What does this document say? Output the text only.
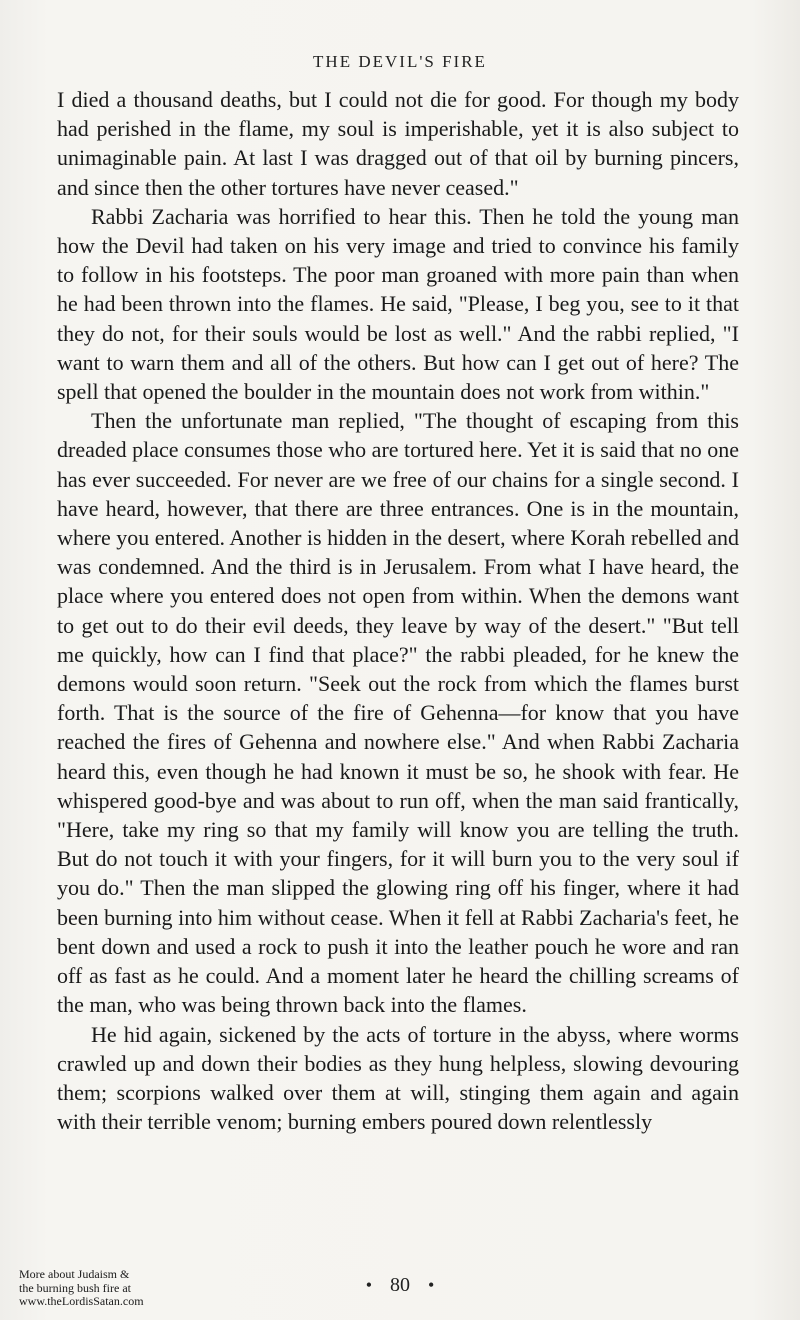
THE DEVIL'S FIRE

I died a thousand deaths, but I could not die for good. For though my body had perished in the flame, my soul is imperishable, yet it is also subject to unimaginable pain. At last I was dragged out of that oil by burning pincers, and since then the other tortures have never ceased."

Rabbi Zacharia was horrified to hear this. Then he told the young man how the Devil had taken on his very image and tried to convince his family to follow in his footsteps. The poor man groaned with more pain than when he had been thrown into the flames. He said, "Please, I beg you, see to it that they do not, for their souls would be lost as well." And the rabbi replied, "I want to warn them and all of the others. But how can I get out of here? The spell that opened the boulder in the mountain does not work from within."

Then the unfortunate man replied, "The thought of escaping from this dreaded place consumes those who are tortured here. Yet it is said that no one has ever succeeded. For never are we free of our chains for a single second. I have heard, however, that there are three entrances. One is in the mountain, where you entered. Another is hidden in the desert, where Korah rebelled and was condemned. And the third is in Jerusalem. From what I have heard, the place where you entered does not open from within. When the demons want to get out to do their evil deeds, they leave by way of the desert." "But tell me quickly, how can I find that place?" the rabbi pleaded, for he knew the demons would soon return. "Seek out the rock from which the flames burst forth. That is the source of the fire of Gehenna—for know that you have reached the fires of Gehenna and nowhere else." And when Rabbi Zacharia heard this, even though he had known it must be so, he shook with fear. He whispered good-bye and was about to run off, when the man said frantically, "Here, take my ring so that my family will know you are telling the truth. But do not touch it with your fingers, for it will burn you to the very soul if you do." Then the man slipped the glowing ring off his finger, where it had been burning into him without cease. When it fell at Rabbi Zacharia's feet, he bent down and used a rock to push it into the leather pouch he wore and ran off as fast as he could. And a moment later he heard the chilling screams of the man, who was being thrown back into the flames.

He hid again, sickened by the acts of torture in the abyss, where worms crawled up and down their bodies as they hung helpless, slowing devouring them; scorpions walked over them at will, stinging them again and again with their terrible venom; burning embers poured down relentlessly

More about Judaism &
the burning bush fire at
www.theLordisSatan.com
• 80 •
